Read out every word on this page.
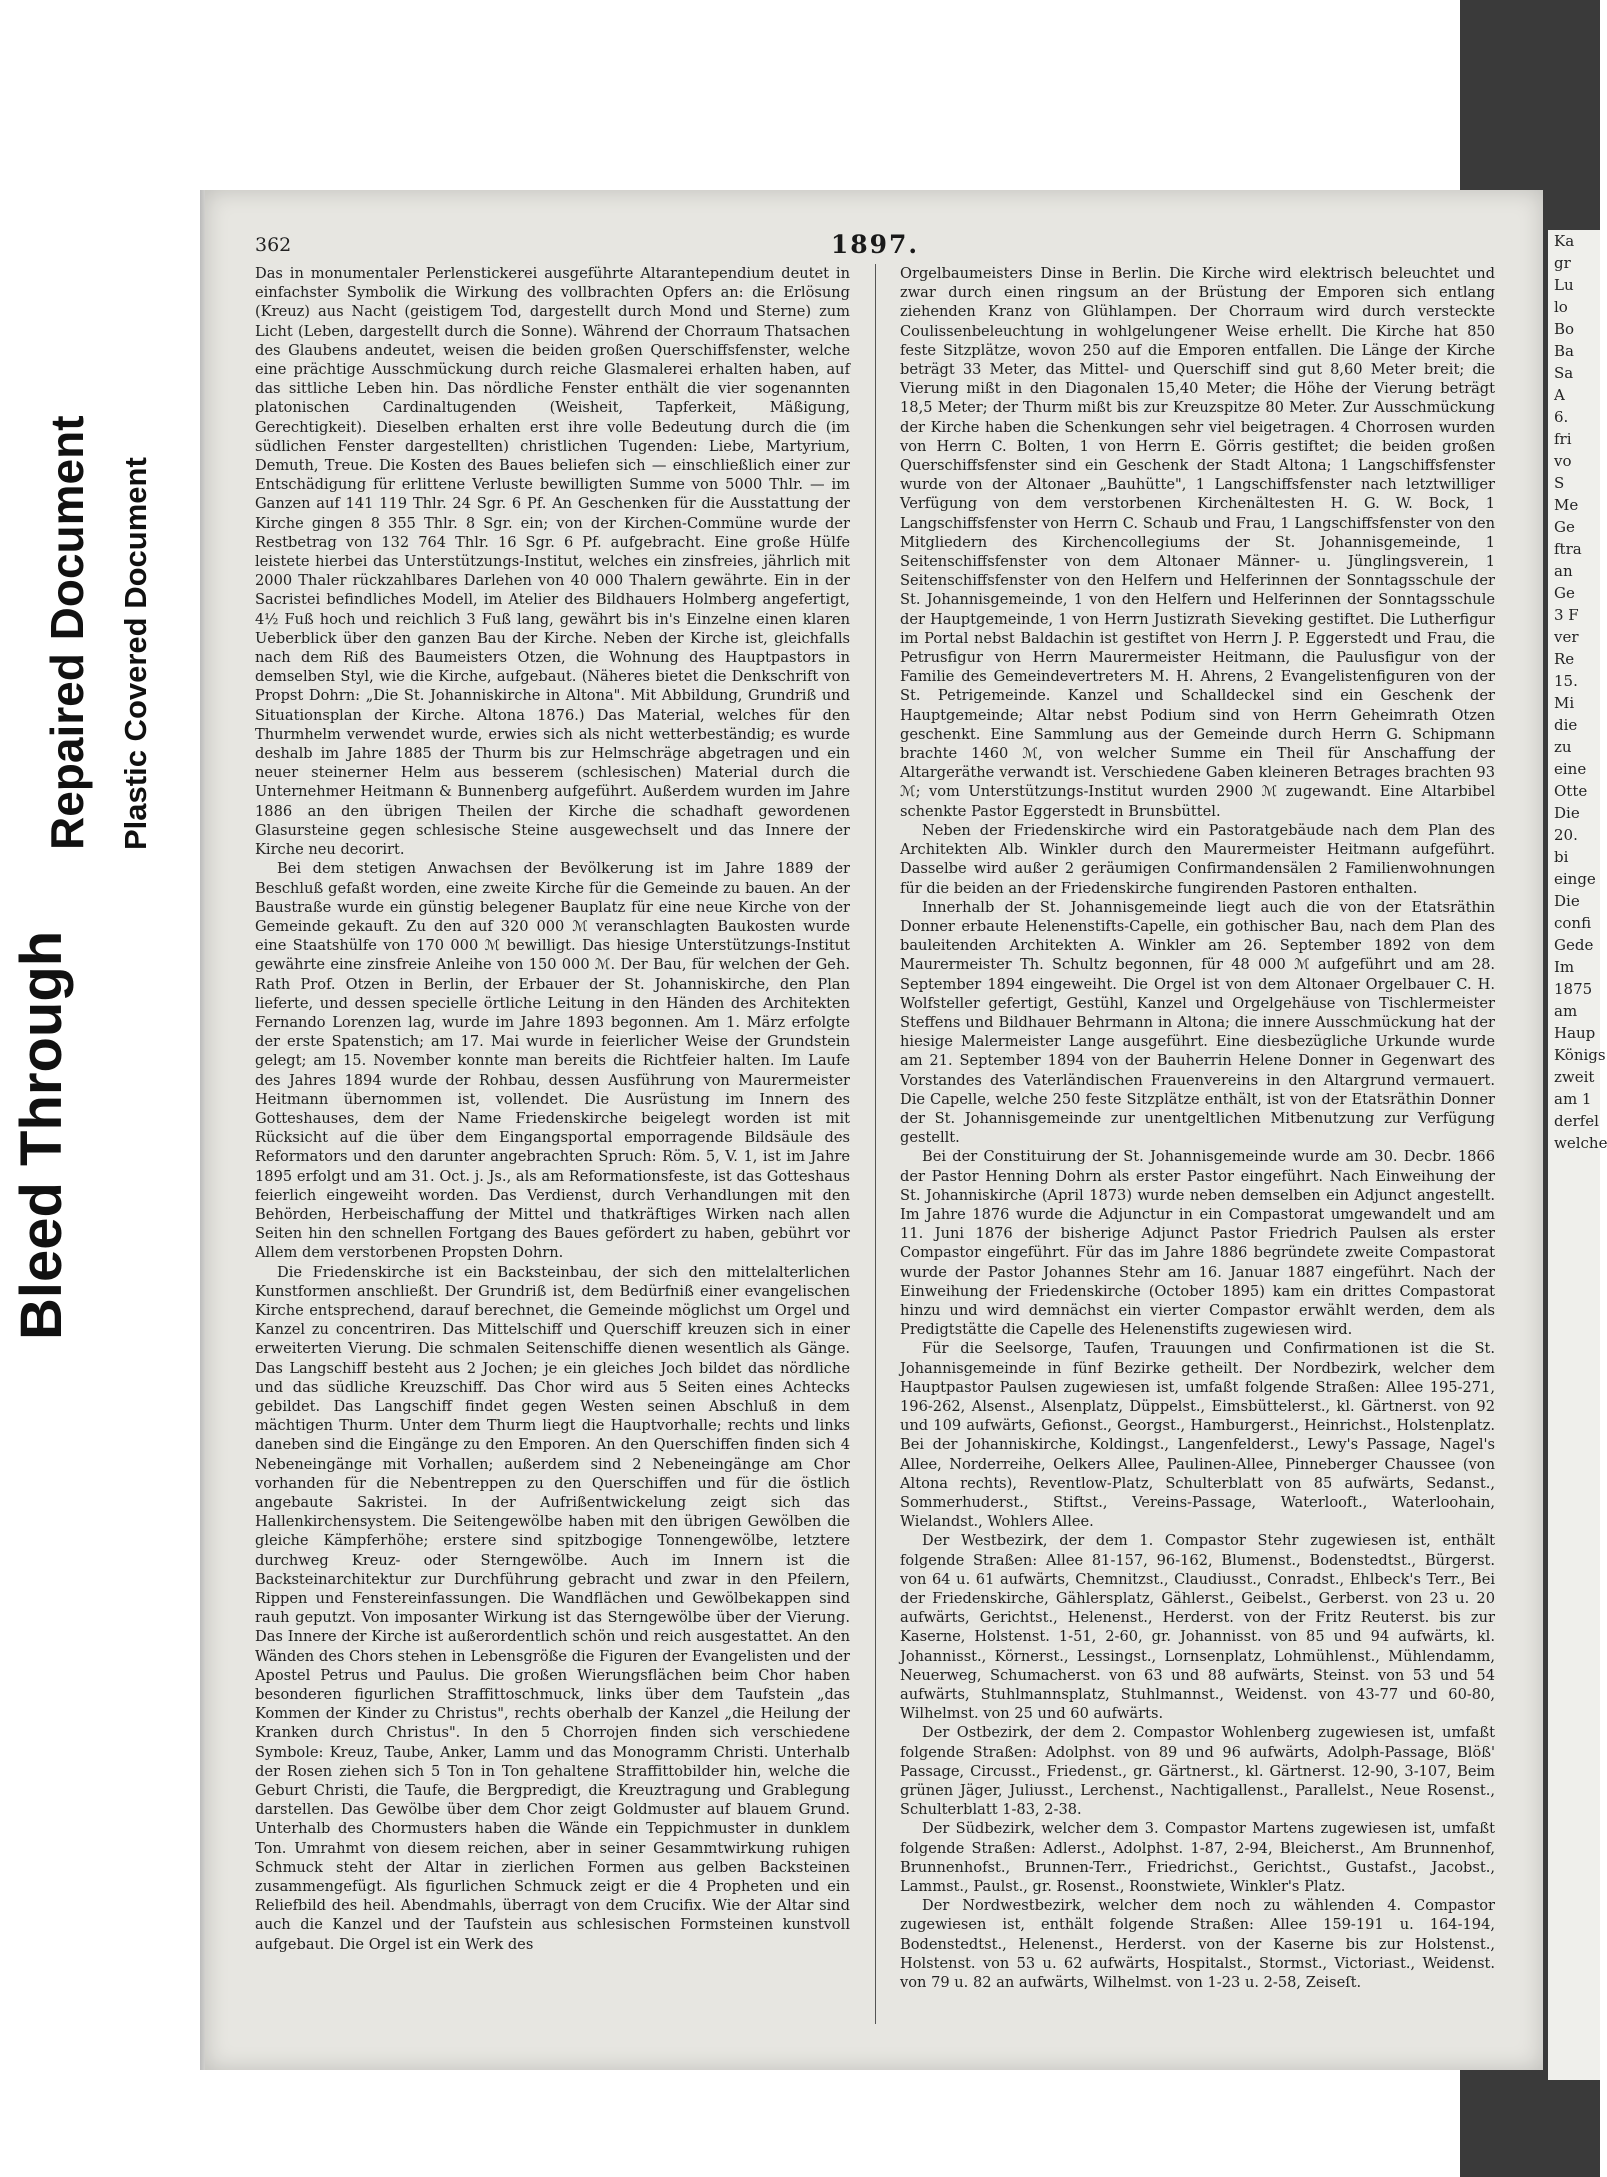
Bleed Through
Repaired Document Plastic Covered Document
362	1897.

Das in monumentaler Perlenstickerei ausgeführte Altarantependium deutet in einfachster Symbolik die Wirkung des vollbrachten Opfers an: die Erlösung (Kreuz) aus Nacht (geistigem Tod, dargestellt durch Mond und Sterne) zum Licht (Leben, dargestellt durch die Sonne). Während der Chorraum Thatsachen des Glaubens andeutet, weisen die beiden großen Querschiffsfenster, welche eine prächtige Ausschmückung durch reiche Glasmalerei erhalten haben, auf das sittliche Leben hin. Das nördliche Fenster enthält die vier sogenannten platonischen Cardinaltugenden (Weisheit, Tapferkeit, Mäßigung, Gerechtigkeit). Dieselben erhalten erst ihre volle Bedeutung durch die (im südlichen Fenster dargestellten) christlichen Tugenden: Liebe, Martyrium, Demuth, Treue. Die Kosten des Baues beliefen sich — einschließlich einer zur Entschädigung für erlittene Verluste bewilligten Summe von 5000 Thlr. — im Ganzen auf 141 119 Thlr. 24 Sgr. 6 Pf. An Geschenken für die Ausstattung der Kirche gingen 8 355 Thlr. 8 Sgr. ein; von der Kirchen-Commüne wurde der Restbetrag von 132 764 Thlr. 16 Sgr. 6 Pf. aufgebracht. Eine große Hülfe leistete hierbei das Unterstützungs-Institut, welches ein zinsfreies, jährlich mit 2000 Thaler rückzahlbares Darlehen von 40 000 Thalern gewährte. Ein in der Sacristei befindliches Modell, im Atelier des Bildhauers Holmberg angefertigt, 4½ Fuß hoch und reichlich 3 Fuß lang, gewährt bis in's Einzelne einen klaren Ueberblick über den ganzen Bau der Kirche. Neben der Kirche ist, gleichfalls nach dem Riß des Baumeisters Otzen, die Wohnung des Hauptpastors in demselben Styl, wie die Kirche, aufgebaut. (Näheres bietet die Denkschrift von Propst Dohrn: „Die St. Johanniskirche in Altona". Mit Abbildung, Grundriß und Situationsplan der Kirche. Altona 1876.) Das Material, welches für den Thurmhelm verwendet wurde, erwies sich als nicht wetterbeständig; es wurde deshalb im Jahre 1885 der Thurm bis zur Helmschräge abgetragen und ein neuer steinerner Helm aus besserem (schlesischen) Material durch die Unternehmer Heitmann & Bunnenberg aufgeführt. Außerdem wurden im Jahre 1886 an den übrigen Theilen der Kirche die schadhaft gewordenen Glasursteine gegen schlesische Steine ausgewechselt und das Innere der Kirche neu decorirt.

Bei dem stetigen Anwachsen der Bevölkerung ist im Jahre 1889 der Beschluß gefaßt worden, eine zweite Kirche für die Gemeinde zu bauen. An der Baustraße wurde ein günstig belegener Bauplatz für eine neue Kirche von der Gemeinde gekauft. Zu den auf 320 000 ℳ veranschlagten Baukosten wurde eine Staatshülfe von 170 000 ℳ bewilligt. Das hiesige Unterstützungs-Institut gewährte eine zinsfreie Anleihe von 150 000 ℳ. Der Bau, für welchen der Geh. Rath Prof. Otzen in Berlin, der Erbauer der St. Johanniskirche, den Plan lieferte, und dessen specielle örtliche Leitung in den Händen des Architekten Fernando Lorenzen lag, wurde im Jahre 1893 begonnen. Am 1. März erfolgte der erste Spatenstich; am 17. Mai wurde in feierlicher Weise der Grundstein gelegt; am 15. November konnte man bereits die Richtfeier halten. Im Laufe des Jahres 1894 wurde der Rohbau, dessen Ausführung von Maurermeister Heitmann übernommen ist, vollendet. Die Ausrüstung im Innern des Gotteshauses, dem der Name Friedenskirche beigelegt worden ist mit Rücksicht auf die über dem Eingangsportal emporragende Bildsäule des Reformators und den darunter angebrachten Spruch: Röm. 5, V. 1, ist im Jahre 1895 erfolgt und am 31. Oct. j. Js., als am Reformationsfeste, ist das Gotteshaus feierlich eingeweiht worden. Das Verdienst, durch Verhandlungen mit den Behörden, Herbeischaffung der Mittel und thatkräftiges Wirken nach allen Seiten hin den schnellen Fortgang des Baues gefördert zu haben, gebührt vor Allem dem verstorbenen Propsten Dohrn.

Die Friedenskirche ist ein Backsteinbau, der sich den mittelalterlichen Kunstformen anschließt. Der Grundriß ist, dem Bedürfniß einer evangelischen Kirche entsprechend, darauf berechnet, die Gemeinde möglichst um Orgel und Kanzel zu concentriren. Das Mittelschiff und Querschiff kreuzen sich in einer erweiterten Vierung. Die schmalen Seitenschiffe dienen wesentlich als Gänge. Das Langschiff besteht aus 2 Jochen; je ein gleiches Joch bildet das nördliche und das südliche Kreuzschiff. Das Chor wird aus 5 Seiten eines Achtecks gebildet. Das Langschiff findet gegen Westen seinen Abschluß in dem mächtigen Thurm. Unter dem Thurm liegt die Hauptvorhalle; rechts und links daneben sind die Eingänge zu den Emporen. An den Querschiffen finden sich 4 Nebeneingänge mit Vorhallen; außerdem sind 2 Nebeneingänge am Chor vorhanden für die Nebentreppen zu den Querschiffen und für die östlich angebaute Sakristei. In der Aufrißentwickelung zeigt sich das Hallenkirchensystem. Die Seitengewölbe haben mit den übrigen Gewölben die gleiche Kämpferhöhe; erstere sind spitzbogige Tonnengewölbe, letztere durchweg Kreuz- oder Sterngewölbe. Auch im Innern ist die Backsteinarchitektur zur Durchführung gebracht und zwar in den Pfeilern, Rippen und Fenstereinfassungen. Die Wandflächen und Gewölbekappen sind rauh geputzt. Von imposanter Wirkung ist das Sterngewölbe über der Vierung. Das Innere der Kirche ist außerordentlich schön und reich ausgestattet. An den Wänden des Chors stehen in Lebensgröße die Figuren der Evangelisten und der Apostel Petrus und Paulus. Die großen Wierungsflächen beim Chor haben besonderen figurlichen Straffittoschmuck, links über dem Taufstein „das Kommen der Kinder zu Christus", rechts oberhalb der Kanzel „die Heilung der Kranken durch Christus". In den 5 Chorrojen finden sich verschiedene Symbole: Kreuz, Taube, Anker, Lamm und das Monogramm Christi. Unterhalb der Rosen ziehen sich 5 Ton in Ton gehaltene Straffittobilder hin, welche die Geburt Christi, die Taufe, die Bergpredigt, die Kreuztragung und Grablegung darstellen. Das Gewölbe über dem Chor zeigt Goldmuster auf blauem Grund. Unterhalb des Chormusters haben die Wände ein Teppichmuster in dunklem Ton. Umrahmt von diesem reichen, aber in seiner Gesammtwirkung ruhigen Schmuck steht der Altar in zierlichen Formen aus gelben Backsteinen zusammengefügt. Als figurlichen Schmuck zeigt er die 4 Propheten und ein Reliefbild des heil. Abendmahls, überragt von dem Crucifix. Wie der Altar sind auch die Kanzel und der Taufstein aus schlesischen Formsteinen kunstvoll aufgebaut. Die Orgel ist ein Werk des

Orgelbaumeisters Dinse in Berlin. Die Kirche wird elektrisch beleuchtet und zwar durch einen ringsum an der Brüstung der Emporen sich entlang ziehenden Kranz von Glühlampen. Der Chorraum wird durch versteckte Coulissenbeleuchtung in wohlgelungener Weise erhellt. Die Kirche hat 850 feste Sitzplätze, wovon 250 auf die Emporen entfallen. Die Länge der Kirche beträgt 33 Meter, das Mittel- und Querschiff sind gut 8,60 Meter breit; die Vierung mißt in den Diagonalen 15,40 Meter; die Höhe der Vierung beträgt 18,5 Meter; der Thurm mißt bis zur Kreuzspitze 80 Meter. Zur Ausschmückung der Kirche haben die Schenkungen sehr viel beigetragen. 4 Chorrosen wurden von Herrn C. Bolten, 1 von Herrn E. Görris gestiftet; die beiden großen Querschiffsfenster sind ein Geschenk der Stadt Altona; 1 Langschiffsfenster wurde von der Altonaer „Bauhütte", 1 Langschiffsfenster nach letztwilliger Verfügung von dem verstorbenen Kirchenältesten H. G. W. Bock, 1 Langschiffsfenster von Herrn C. Schaub und Frau, 1 Langschiffsfenster von den Mitgliedern des Kirchencollegiums der St. Johannisgemeinde, 1 Seitenschiffsfenster von dem Altonaer Männer- u. Jünglingsverein, 1 Seitenschiffsfenster von den Helfern und Helferinnen der Sonntagsschule der St. Johannisgemeinde, 1 von den Helfern und Helferinnen der Sonntagsschule der Hauptgemeinde, 1 von Herrn Justizrath Sieveking gestiftet. Die Lutherfigur im Portal nebst Baldachin ist gestiftet von Herrn J. P. Eggerstedt und Frau, die Petrusfigur von Herrn Maurermeister Heitmann, die Paulusfigur von der Familie des Gemeindevertreters M. H. Ahrens, 2 Evangelistenfiguren von der St. Petrigemeinde. Kanzel und Schalldeckel sind ein Geschenk der Hauptgemeinde; Altar nebst Podium sind von Herrn Geheimrath Otzen geschenkt. Eine Sammlung aus der Gemeinde durch Herrn G. Schipmann brachte 1460 ℳ, von welcher Summe ein Theil für Anschaffung der Altargeräthe verwandt ist. Verschiedene Gaben kleineren Betrages brachten 93 ℳ; vom Unterstützungs-Institut wurden 2900 ℳ zugewandt. Eine Altarbibel schenkte Pastor Eggerstedt in Brunsbüttel.

Neben der Friedenskirche wird ein Pastoratgebäude nach dem Plan des Architekten Alb. Winkler durch den Maurermeister Heitmann aufgeführt. Dasselbe wird außer 2 geräumigen Confirmandensälen 2 Familienwohnungen für die beiden an der Friedenskirche fungirenden Pastoren enthalten.

Innerhalb der St. Johannisgemeinde liegt auch die von der Etatsräthin Donner erbaute Helenenstifts-Capelle, ein gothischer Bau, nach dem Plan des bauleitenden Architekten A. Winkler am 26. September 1892 von dem Maurermeister Th. Schultz begonnen, für 48 000 ℳ aufgeführt und am 28. September 1894 eingeweiht. Die Orgel ist von dem Altonaer Orgelbauer C. H. Wolfsteller gefertigt, Gestühl, Kanzel und Orgelgehäuse von Tischlermeister Steffens und Bildhauer Behrmann in Altona; die innere Ausschmückung hat der hiesige Malermeister Lange ausgeführt. Eine diesbezügliche Urkunde wurde am 21. September 1894 von der Bauherrin Helene Donner in Gegenwart des Vorstandes des Vaterländischen Frauenvereins in den Altargrund vermauert. Die Capelle, welche 250 feste Sitzplätze enthält, ist von der Etatsräthin Donner der St. Johannisgemeinde zur unentgeltlichen Mitbenutzung zur Verfügung gestellt.

Bei der Constituirung der St. Johannisgemeinde wurde am 30. Decbr. 1866 der Pastor Henning Dohrn als erster Pastor eingeführt. Nach Einweihung der St. Johanniskirche (April 1873) wurde neben demselben ein Adjunct angestellt. Im Jahre 1876 wurde die Adjunctur in ein Compastorat umgewandelt und am 11. Juni 1876 der bisherige Adjunct Pastor Friedrich Paulsen als erster Compastor eingeführt. Für das im Jahre 1886 begründete zweite Compastorat wurde der Pastor Johannes Stehr am 16. Januar 1887 eingeführt. Nach der Einweihung der Friedenskirche (October 1895) kam ein drittes Compastorat hinzu und wird demnächst ein vierter Compastor erwählt werden, dem als Predigtstätte die Capelle des Helenenstifts zugewiesen wird.

Für die Seelsorge, Taufen, Trauungen und Confirmationen ist die St. Johannisgemeinde in fünf Bezirke getheilt. Der Nordbezirk, welcher dem Hauptpastor Paulsen zugewiesen ist, umfaßt folgende Straßen: Allee 195-271, 196-262, Alsenst., Alsenplatz, Düppelst., Eimsbüttelerst., kl. Gärtnerst. von 92 und 109 aufwärts, Gefionst., Georgst., Hamburgerst., Heinrichst., Holstenplatz. Bei der Johanniskirche, Koldingst., Langenfelderst., Lewy's Passage, Nagel's Allee, Norderreihe, Oelkers Allee, Paulinen-Allee, Pinneberger Chaussee (von Altona rechts), Reventlow-Platz, Schulterblatt von 85 aufwärts, Sedanst., Sommerhuderst., Stiftst., Vereins-Passage, Waterlooft., Waterloohain, Wielandst., Wohlers Allee.

Der Westbezirk, der dem 1. Compastor Stehr zugewiesen ist, enthält folgende Straßen: Allee 81-157, 96-162, Blumenst., Bodenstedtst., Bürgerst. von 64 u. 61 aufwärts, Chemnitzst., Claudiusst., Conradst., Ehlbeck's Terr., Bei der Friedenskirche, Gählersplatz, Gählerst., Geibelst., Gerberst. von 23 u. 20 aufwärts, Gerichtst., Helenenst., Herderst. von der Fritz Reuterst. bis zur Kaserne, Holstenst. 1-51, 2-60, gr. Johannisst. von 85 und 94 aufwärts, kl. Johannisst., Körnerst., Lessingst., Lornsenplatz, Lohmühlenst., Mühlendamm, Neuerweg, Schumacherst. von 63 und 88 aufwärts, Steinst. von 53 und 54 aufwärts, Stuhlmannsplatz, Stuhlmannst., Weidenst. von 43-77 und 60-80, Wilhelmst. von 25 und 60 aufwärts.

Der Ostbezirk, der dem 2. Compastor Wohlenberg zugewiesen ist, umfaßt folgende Straßen: Adolphst. von 89 und 96 aufwärts, Adolph-Passage, Blöß' Passage, Circusst., Friedenst., gr. Gärtnerst., kl. Gärtnerst. 12-90, 3-107, Beim grünen Jäger, Juliusst., Lerchenst., Nachtigallenst., Parallelst., Neue Rosenst., Schulterblatt 1-83, 2-38.

Der Südbezirk, welcher dem 3. Compastor Martens zugewiesen ist, umfaßt folgende Straßen: Adlerst., Adolphst. 1-87, 2-94, Bleicherst., Am Brunnenhof, Brunnenhofst., Brunnen-Terr., Friedrichst., Gerichtst., Gustafst., Jacobst., Lammst., Paulst., gr. Rosenst., Roonstwiete, Winkler's Platz.

Der Nordwestbezirk, welcher dem noch zu wählenden 4. Compastor zugewiesen ist, enthält folgende Straßen: Allee 159-191 u. 164-194, Bodenstedtst., Helenenst., Herderst. von der Kaserne bis zur Holstenst., Holstenst. von 53 u. 62 aufwärts, Hospitalst., Stormst., Victoriast., Weidenst. von 79 u. 82 an aufwärts, Wilhelmst. von 1-23 u. 2-58, Zeiseſt.

Ka
gr
Lu
lo
Bo
Ba
Sa
A
6.
fri
vo
S
Me
Ge
ftra
an
Ge
3 F
ver
Re
15.
Mi
die
zu
eine
Otte
Die
20.
bi
einge
Die
confi
Gede
Im
1875
am
Haup
Königs
zweit
am 1
derfel
welche
